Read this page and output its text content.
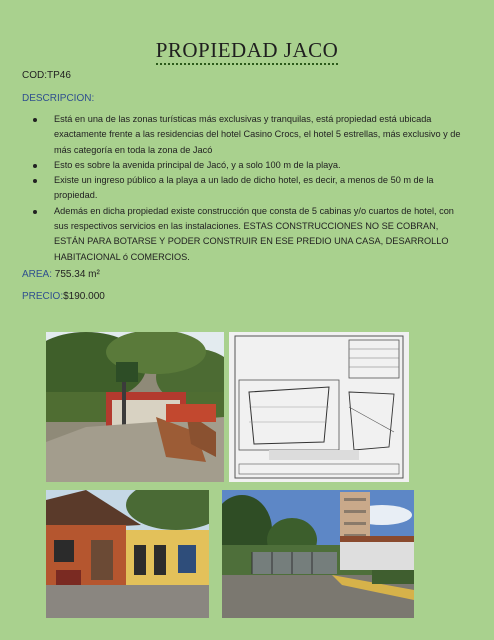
PROPIEDAD JACO
COD:TP46
DESCRIPCION:
Está en una de las zonas turísticas más exclusivas y tranquilas, está propiedad está ubicada exactamente frente a las residencias del hotel Casino Crocs, el hotel 5 estrellas, más exclusivo y de más categoría en toda la zona de Jacó
Esto es sobre la avenida principal de Jacó, y a solo 100 m de la playa.
Existe un ingreso público a la playa a un lado de dicho hotel, es decir, a menos de 50 m de la propiedad.
Además en dicha propiedad existe construcción que consta de 5 cabinas y/o cuartos de hotel, con sus respectivos servicios en las instalaciones. ESTAS CONSTRUCCIONES NO SE COBRAN, ESTÁN PARA BOTARSE Y PODER CONSTRUIR EN ESE PREDIO UNA CASA, DESARROLLO HABITACIONAL ó COMERCIOS.
AREA: 755.34 m²
PRECIO:$190.000
